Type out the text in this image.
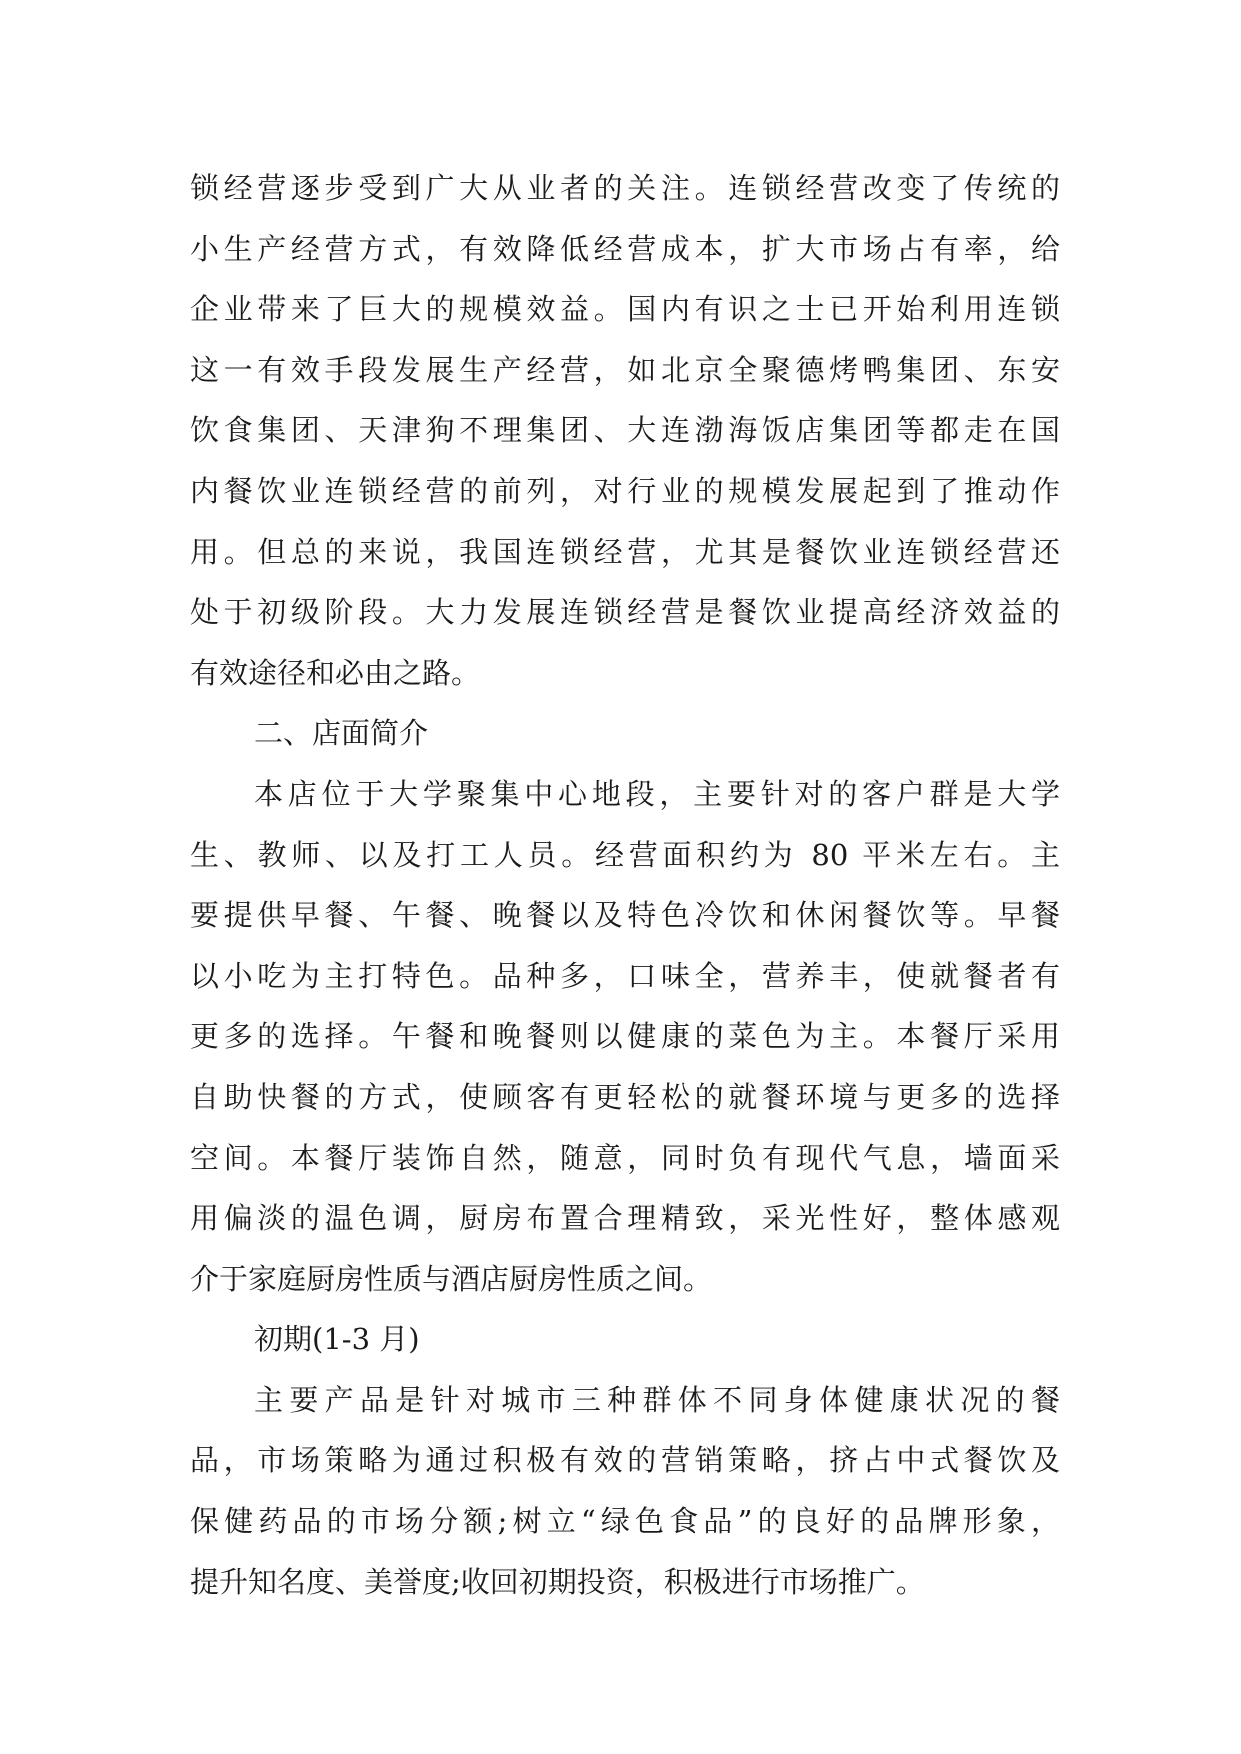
锁经营逐步受到广大从业者的关注。连锁经营改变了传统的
小生产经营方式，有效降低经营成本，扩大市场占有率，给
企业带来了巨大的规模效益。国内有识之士已开始利用连锁
这一有效手段发展生产经营，如北京全聚德烤鸭集团、东安
饮食集团、天津狗不理集团、大连渤海饭店集团等都走在国
内餐饮业连锁经营的前列，对行业的规模发展起到了推动作
用。但总的来说，我国连锁经营，尤其是餐饮业连锁经营还
处于初级阶段。大力发展连锁经营是餐饮业提高经济效益的
有效途径和必由之路。
二、店面简介
本店位于大学聚集中心地段，主要针对的客户群是大学
生、教师、以及打工人员。经营面积约为 80 平米左右。主
要提供早餐、午餐、晚餐以及特色冷饮和休闲餐饮等。早餐
以小吃为主打特色。品种多，口味全，营养丰，使就餐者有
更多的选择。午餐和晚餐则以健康的菜色为主。本餐厅采用
自助快餐的方式，使顾客有更轻松的就餐环境与更多的选择
空间。本餐厅装饰自然，随意，同时负有现代气息，墙面采
用偏淡的温色调，厨房布置合理精致，采光性好，整体感观
介于家庭厨房性质与酒店厨房性质之间。
初期(1-3 月)
主要产品是针对城市三种群体不同身体健康状况的餐
品，市场策略为通过积极有效的营销策略，挤占中式餐饮及
保健药品的市场分额;树立“绿色食品”的良好的品牌形象，
提升知名度、美誉度;收回初期投资，积极进行市场推广。
